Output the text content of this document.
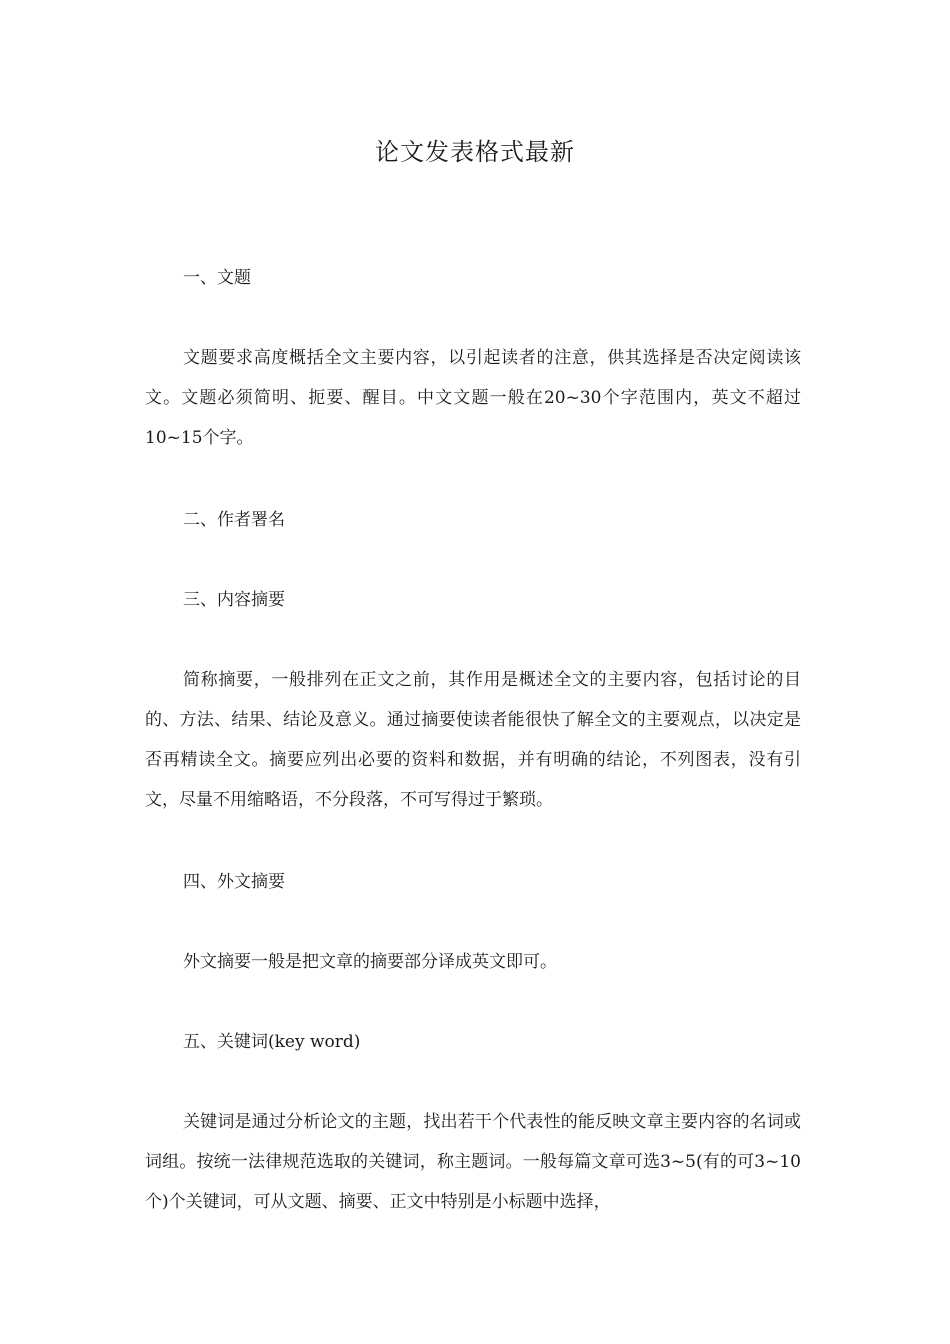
论文发表格式最新
一、文题
文题要求高度概括全文主要内容，以引起读者的注意，供其选择是否决定阅读该文。文题必须简明、扼要、醒目。中文文题一般在20~30个字范围内，英文不超过10~15个字。
二、作者署名
三、内容摘要
简称摘要，一般排列在正文之前，其作用是概述全文的主要内容，包括讨论的目的、方法、结果、结论及意义。通过摘要使读者能很快了解全文的主要观点，以决定是否再精读全文。摘要应列出必要的资料和数据，并有明确的结论，不列图表，没有引文，尽量不用缩略语，不分段落，不可写得过于繁琐。
四、外文摘要
外文摘要一般是把文章的摘要部分译成英文即可。
五、关键词(key word)
关键词是通过分析论文的主题，找出若干个代表性的能反映文章主要内容的名词或词组。按统一法律规范选取的关键词，称主题词。一般每篇文章可选3~5(有的可3~10个)个关键词，可从文题、摘要、正文中特别是小标题中选择，
